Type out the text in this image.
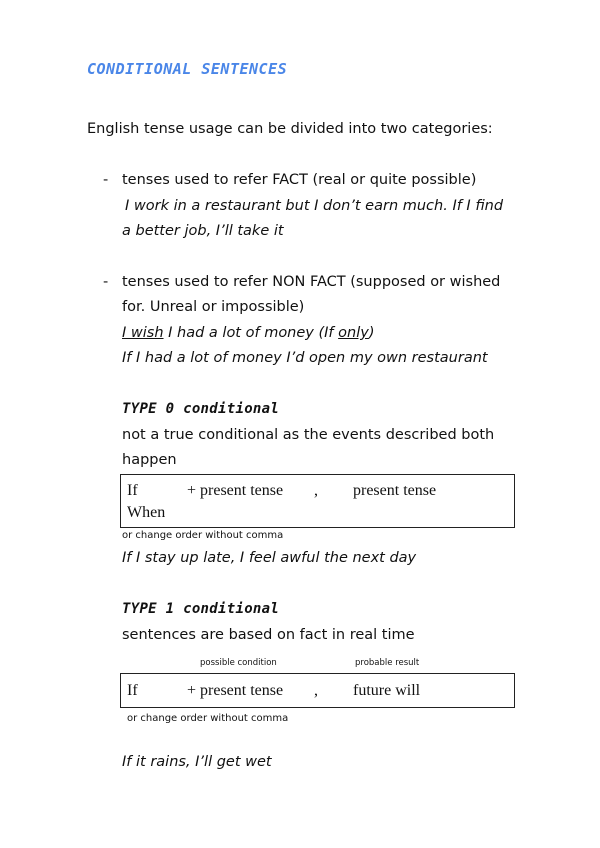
CONDITIONAL SENTENCES
English tense usage can be divided into two categories:
- tenses used to refer FACT (real or quite possible)
I work in a restaurant but I don’t earn much. If I find
a better job, I’ll take it
- tenses used to refer NON FACT (supposed or wished
for. Unreal or impossible)
I wish I had a lot of money (If only)
If I had a lot of money I’d open my own restaurant
TYPE 0 conditional
not a true conditional as the events described both
happen
If
When
+ present tense , present tense
or change order without comma
If I stay up late, I feel awful the next day
TYPE 1 conditional
sentences are based on fact in real time
possible condition	probable result
If	+ present tense , future will
or change order without comma
If it rains, I’ll get wet
